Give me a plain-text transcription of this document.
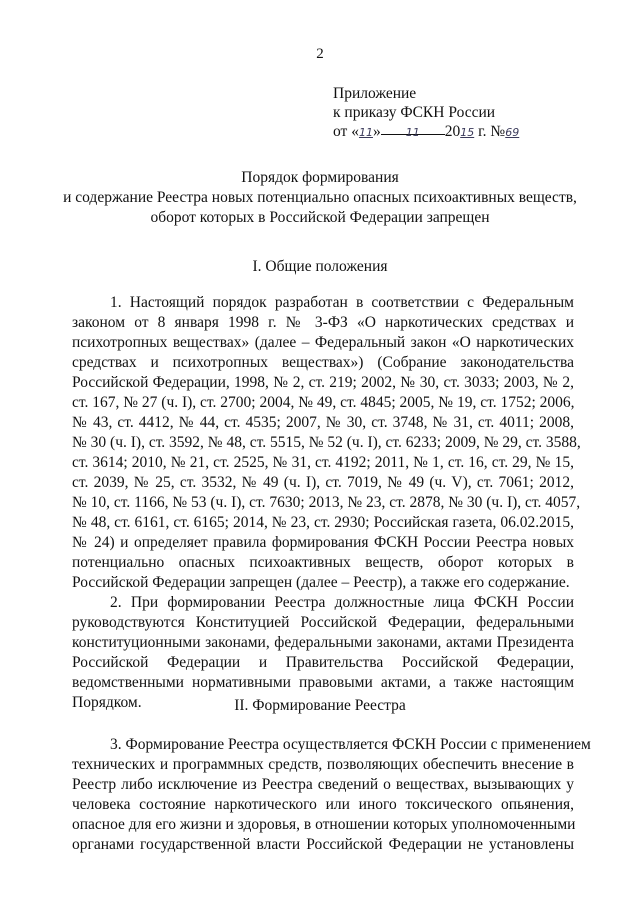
2
Приложение
к приказу ФСКН России
от «11» 11 2015 г. №69
Порядок формирования
и содержание Реестра новых потенциально опасных психоактивных веществ,
оборот которых в Российской Федерации запрещен
I. Общие положения
1. Настоящий порядок разработан в соответствии с Федеральным
законом от 8 января 1998 г. № 3-ФЗ «О наркотических средствах и
психотропных веществах» (далее – Федеральный закон «О наркотических
средствах и психотропных веществах») (Собрание законодательства
Российской Федерации, 1998, № 2, ст. 219; 2002, № 30, ст. 3033; 2003, № 2,
ст. 167, № 27 (ч. I), ст. 2700; 2004, № 49, ст. 4845; 2005, № 19, ст. 1752; 2006,
№ 43, ст. 4412, № 44, ст. 4535; 2007, № 30, ст. 3748, № 31, ст. 4011; 2008,
№ 30 (ч. I), ст. 3592, № 48, ст. 5515, № 52 (ч. I), ст. 6233; 2009, № 29, ст. 3588,
ст. 3614; 2010, № 21, ст. 2525, № 31, ст. 4192; 2011, № 1, ст. 16, ст. 29, № 15,
ст. 2039, № 25, ст. 3532, № 49 (ч. I), ст. 7019, № 49 (ч. V), ст. 7061; 2012,
№ 10, ст. 1166, № 53 (ч. I), ст. 7630; 2013, № 23, ст. 2878, № 30 (ч. I), ст. 4057,
№ 48, ст. 6161, ст. 6165; 2014, № 23, ст. 2930; Российская газета, 06.02.2015,
№ 24) и определяет правила формирования ФСКН России Реестра новых
потенциально опасных психоактивных веществ, оборот которых в
Российской Федерации запрещен (далее – Реестр), а также его содержание.
2. При формировании Реестра должностные лица ФСКН России
руководствуются Конституцией Российской Федерации, федеральными
конституционными законами, федеральными законами, актами Президента
Российской Федерации и Правительства Российской Федерации,
ведомственными нормативными правовыми актами, а также настоящим
Порядком.	II. Формирование Реестра
3. Формирование Реестра осуществляется ФСКН России с применением
технических и программных средств, позволяющих обеспечить внесение в
Реестр либо исключение из Реестра сведений о веществах, вызывающих у
человека состояние наркотического или иного токсического опьянения,
опасное для его жизни и здоровья, в отношении которых уполномоченными
органами государственной власти Российской Федерации не установлены
